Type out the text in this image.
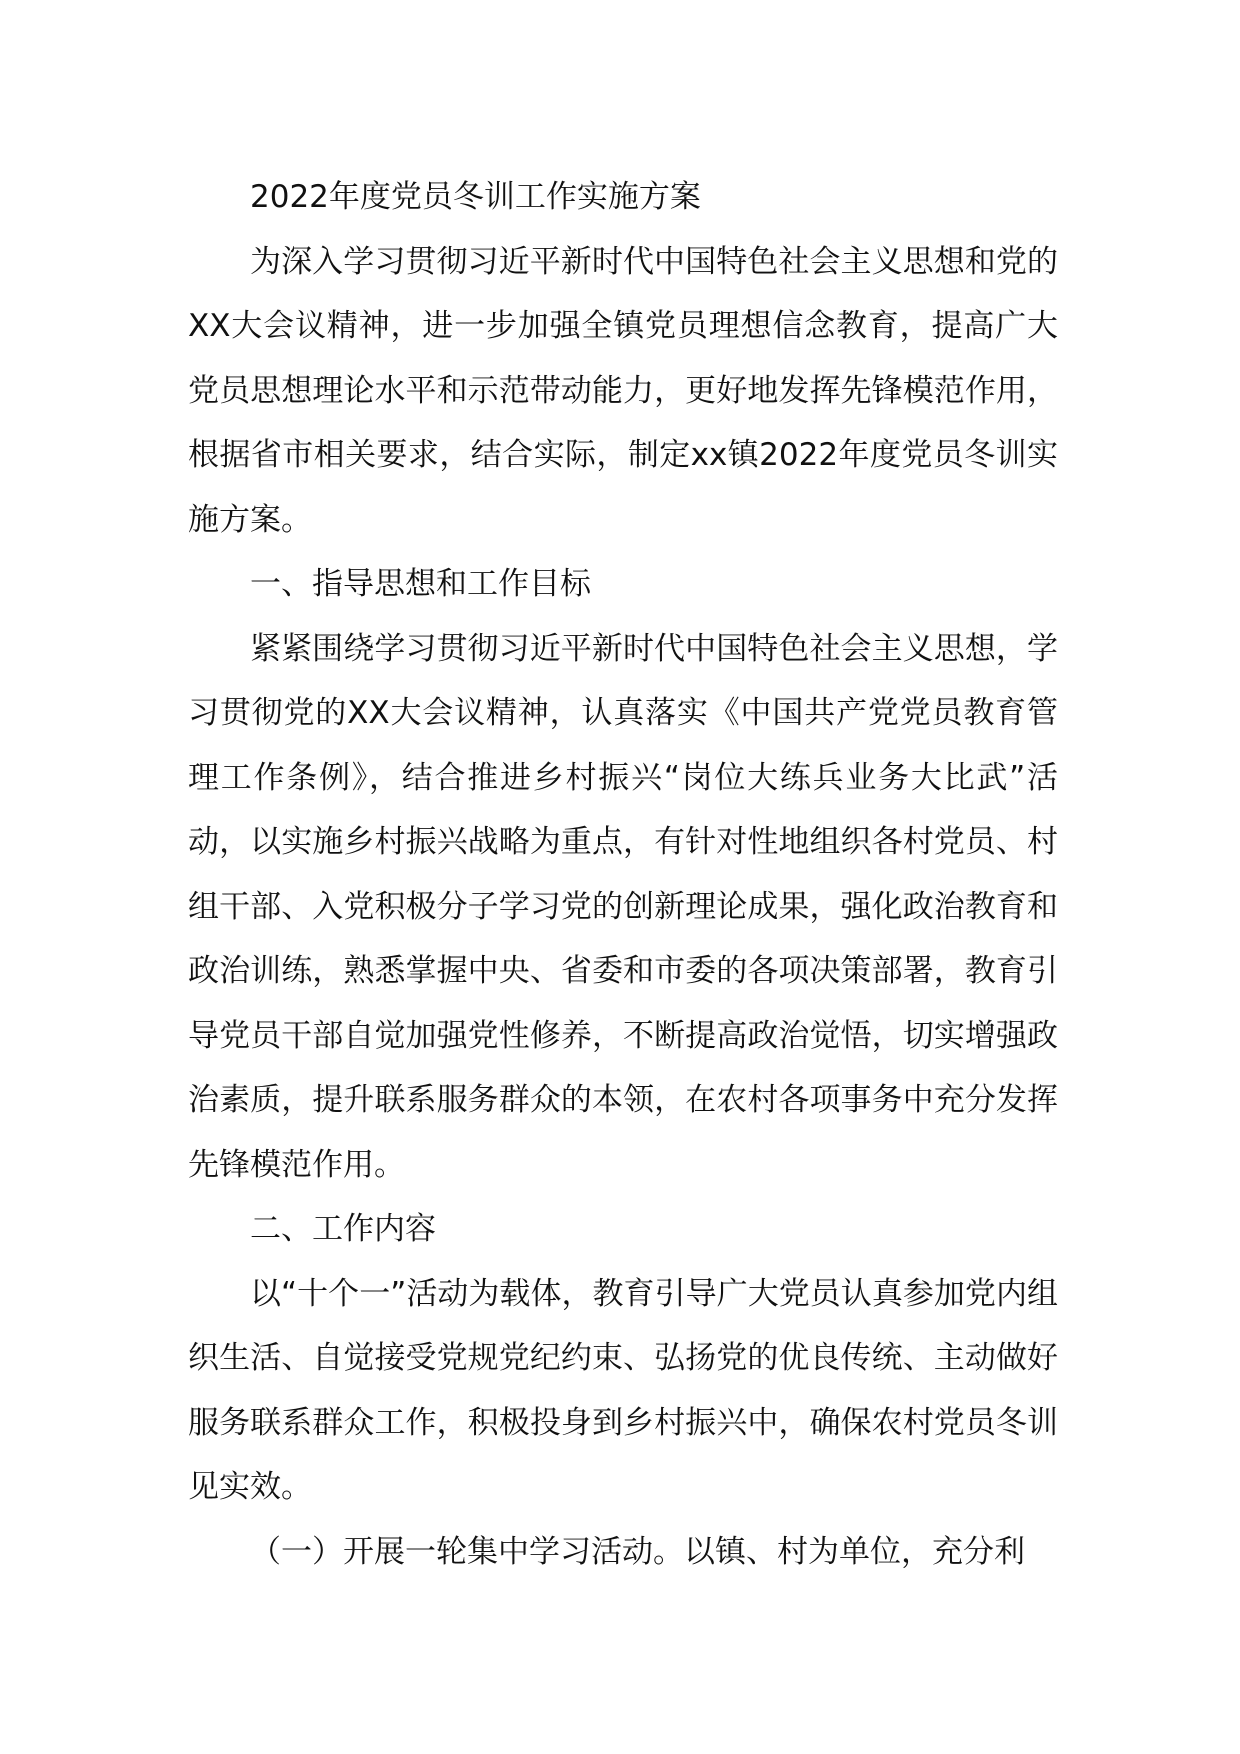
2022年度党员冬训工作实施方案

为深入学习贯彻习近平新时代中国特色社会主义思想和党的XX大会议精神，进一步加强全镇党员理想信念教育，提高广大党员思想理论水平和示范带动能力，更好地发挥先锋模范作用，根据省市相关要求，结合实际，制定xx镇2022年度党员冬训实施方案。

一、指导思想和工作目标

紧紧围绕学习贯彻习近平新时代中国特色社会主义思想，学习贯彻党的XX大会议精神，认真落实《中国共产党党员教育管理工作条例》，结合推进乡村振兴“岗位大练兵业务大比武”活动，以实施乡村振兴战略为重点，有针对性地组织各村党员、村组干部、入党积极分子学习党的创新理论成果，强化政治教育和政治训练，熟悉掌握中央、省委和市委的各项决策部署，教育引导党员干部自觉加强党性修养，不断提高政治觉悟，切实增强政治素质，提升联系服务群众的本领，在农村各项事务中充分发挥先锋模范作用。

二、工作内容

以“十个一”活动为载体，教育引导广大党员认真参加党内组织生活、自觉接受党规党纪约束、弘扬党的优良传统、主动做好服务联系群众工作，积极投身到乡村振兴中，确保农村党员冬训见实效。

（一）开展一轮集中学习活动。以镇、村为单位，充分利
